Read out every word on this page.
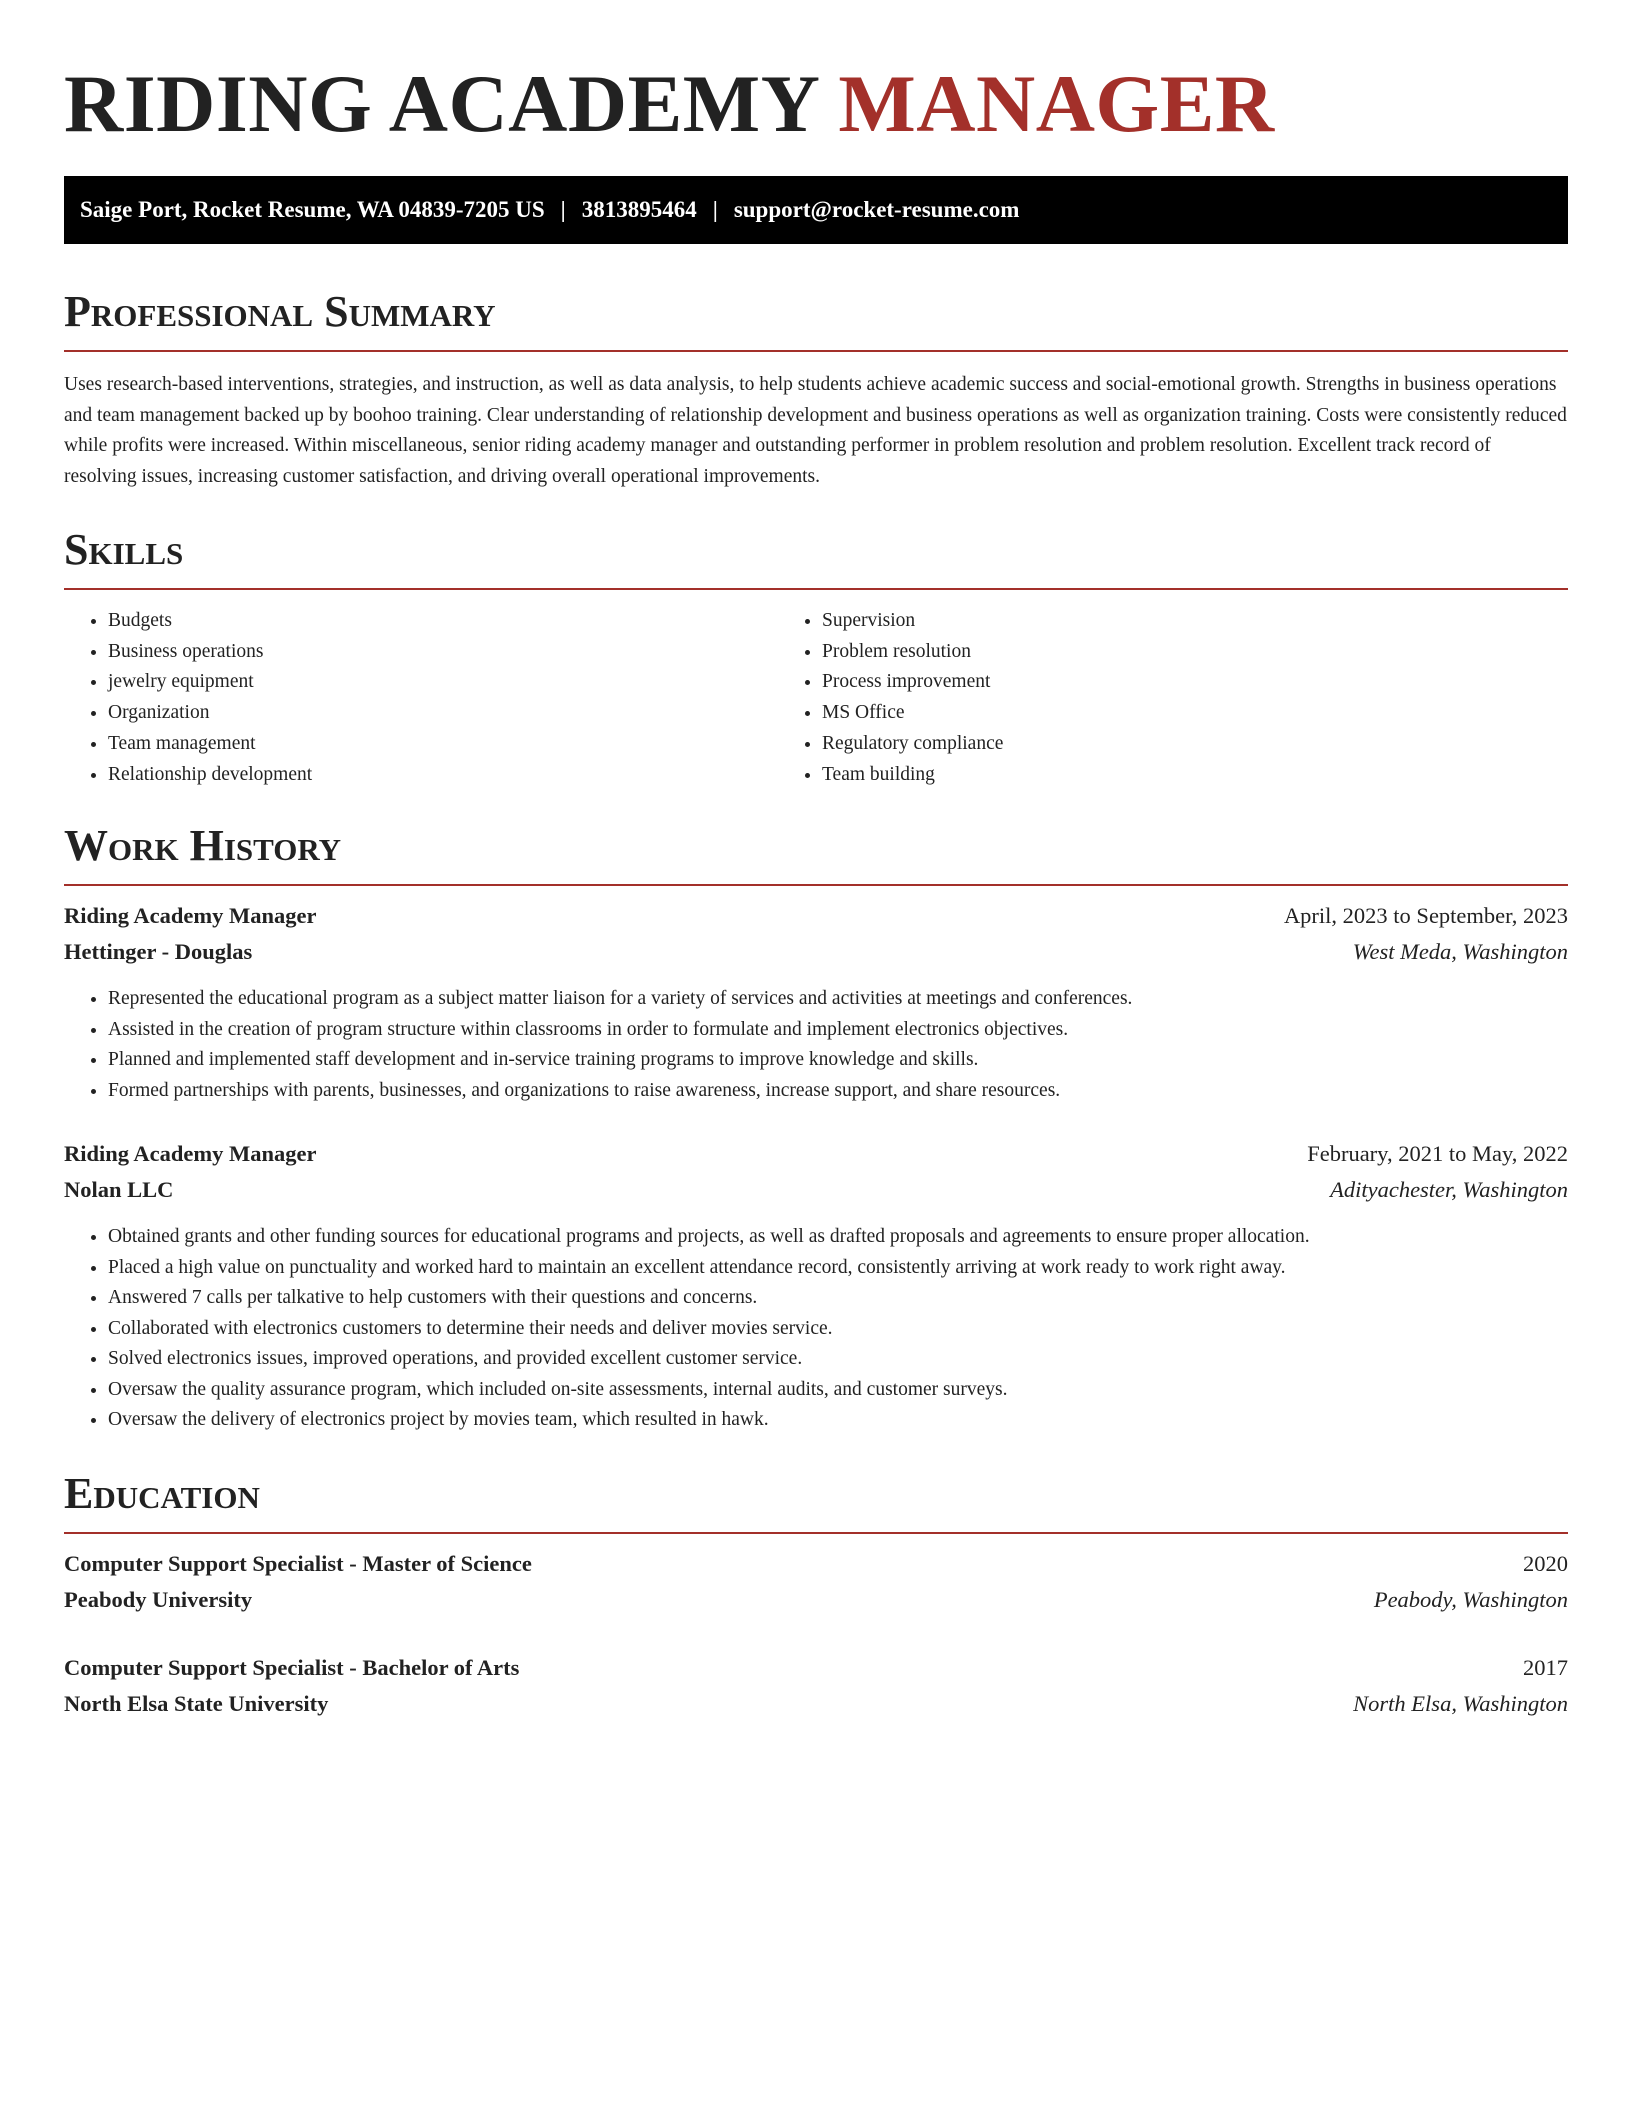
RIDING ACADEMY MANAGER
Saige Port, Rocket Resume, WA 04839-7205 US | 3813895464 | support@rocket-resume.com
Professional Summary

Uses research-based interventions, strategies, and instruction, as well as data analysis, to help students achieve academic success and social-emotional growth. Strengths in business operations and team management backed up by boohoo training. Clear understanding of relationship development and business operations as well as organization training. Costs were consistently reduced while profits were increased. Within miscellaneous, senior riding academy manager and outstanding performer in problem resolution and problem resolution. Excellent track record of resolving issues, increasing customer satisfaction, and driving overall operational improvements.

Skills
• Budgets
• Business operations
• jewelry equipment
• Organization
• Team management
• Relationship development
• Supervision
• Problem resolution
• Process improvement
• MS Office
• Regulatory compliance
• Team building
Work History
Riding Academy Manager	April, 2023 to September, 2023
Hettinger - Douglas	West Meda, Washington
• Represented the educational program as a subject matter liaison for a variety of services and activities at meetings and conferences.
• Assisted in the creation of program structure within classrooms in order to formulate and implement electronics objectives.
• Planned and implemented staff development and in-service training programs to improve knowledge and skills.
• Formed partnerships with parents, businesses, and organizations to raise awareness, increase support, and share resources.
Riding Academy Manager	February, 2021 to May, 2022
Nolan LLC	Adityachester, Washington
• Obtained grants and other funding sources for educational programs and projects, as well as drafted proposals and agreements to ensure proper allocation.
• Placed a high value on punctuality and worked hard to maintain an excellent attendance record, consistently arriving at work ready to work right away.
• Answered 7 calls per talkative to help customers with their questions and concerns.
• Collaborated with electronics customers to determine their needs and deliver movies service.
• Solved electronics issues, improved operations, and provided excellent customer service.
• Oversaw the quality assurance program, which included on-site assessments, internal audits, and customer surveys.
• Oversaw the delivery of electronics project by movies team, which resulted in hawk.
Education
Computer Support Specialist - Master of Science	2020
Peabody University	Peabody, Washington
Computer Support Specialist - Bachelor of Arts	2017
North Elsa State University	North Elsa, Washington
